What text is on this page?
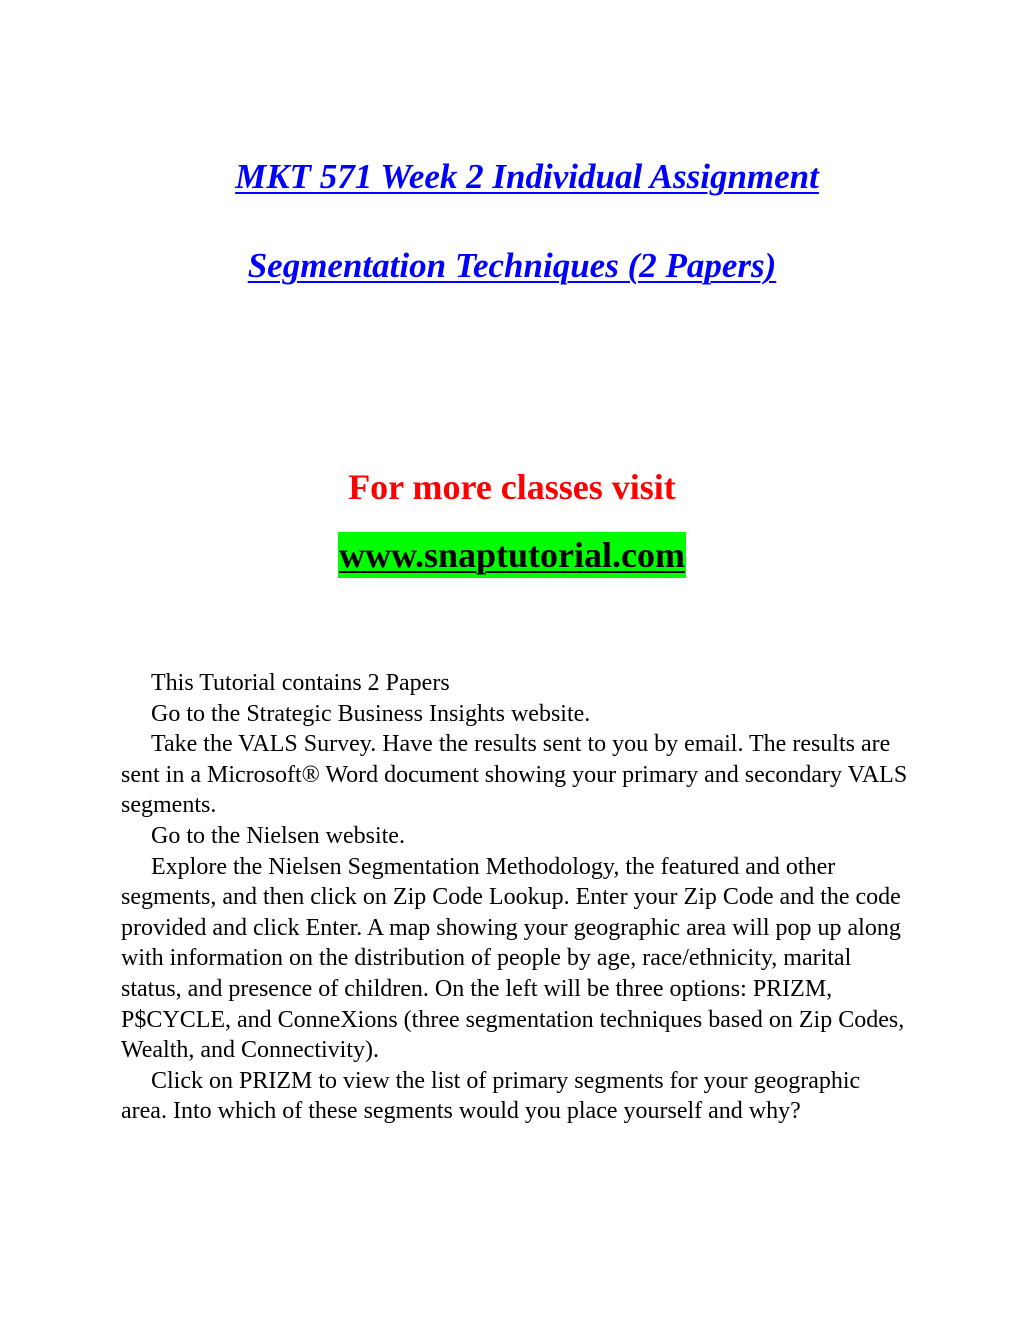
MKT 571 Week 2 Individual Assignment
Segmentation Techniques (2 Papers)
For more classes visit
www.snaptutorial.com

This Tutorial contains 2 Papers

Go to the Strategic Business Insights website.

Take the VALS Survey. Have the results sent to you by email. The results are sent in a Microsoft® Word document showing your primary and secondary VALS segments.

Go to the Nielsen website.

Explore the Nielsen Segmentation Methodology, the featured and other segments, and then click on Zip Code Lookup. Enter your Zip Code and the code provided and click Enter. A map showing your geographic area will pop up along with information on the distribution of people by age, race/ethnicity, marital status, and presence of children. On the left will be three options: PRIZM, P$CYCLE, and ConneXions (three segmentation techniques based on Zip Codes, Wealth, and Connectivity).

Click on PRIZM to view the list of primary segments for your geographic area. Into which of these segments would you place yourself and why?
